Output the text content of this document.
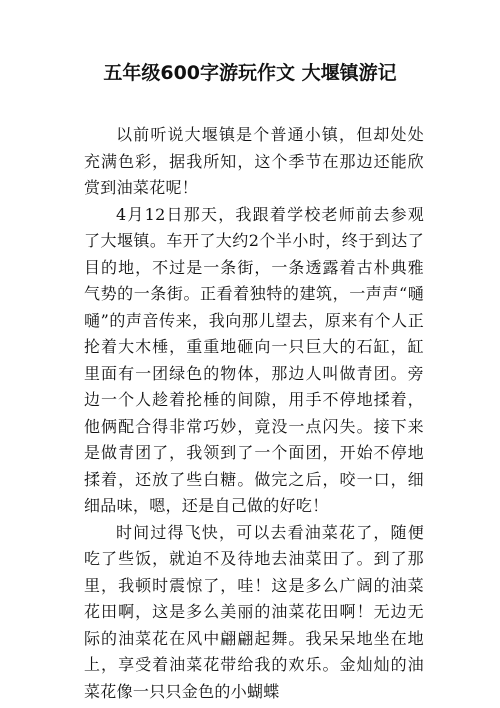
五年级600字游玩作文 大堰镇游记

以前听说大堰镇是个普通小镇，但却处处充满色彩，据我所知，这个季节在那边还能欣赏到油菜花呢！

4月12日那天，我跟着学校老师前去参观了大堰镇。车开了大约2个半小时，终于到达了目的地，不过是一条街，一条透露着古朴典雅气势的一条街。正看着独特的建筑，一声声“嗵嗵”的声音传来，我向那儿望去，原来有个人正抡着大木棰，重重地砸向一只巨大的石缸，缸里面有一团绿色的物体，那边人叫做青团。旁边一个人趁着抡棰的间隙，用手不停地揉着，他俩配合得非常巧妙，竟没一点闪失。接下来是做青团了，我领到了一个面团，开始不停地揉着，还放了些白糖。做完之后，咬一口，细细品味，嗯，还是自己做的好吃！

时间过得飞快，可以去看油菜花了，随便吃了些饭，就迫不及待地去油菜田了。到了那里，我顿时震惊了，哇！这是多么广阔的油菜花田啊，这是多么美丽的油菜花田啊！无边无际的油菜花在风中翩翩起舞。我呆呆地坐在地上，享受着油菜花带给我的欢乐。金灿灿的油菜花像一只只金色的小蝴蝶
